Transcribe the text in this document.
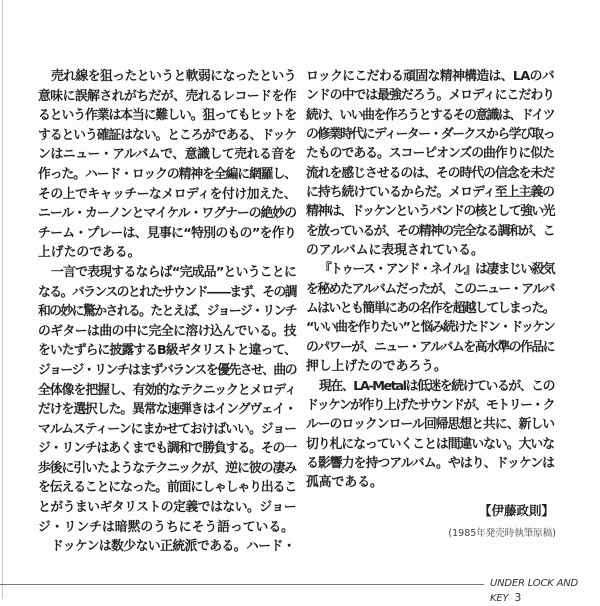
売れ線を狙ったというと軟弱になったという
意味に誤解されがちだが、売れるレコードを作
るという作業は本当に難しい。狙ってもヒットを
するという確証はない。ところがである、ドッケ
ンはニュー・アルバムで、意識して売れる音を
作った。ハード・ロックの精神を全編に網羅し、
その上でキャッチーなメロディを付け加えた、
ニール・カーノンとマイケル・ワグナーの絶妙の
チーム・プレーは、見事に“特別のもの”を作り
上げたのである。
一言で表現するならば“完成品”ということに
なる。バランスのとれたサウンド――まず、その調
和の妙に驚かされる。たとえば、ジョージ・リンチ
のギターは曲の中に完全に溶け込んでいる。技
をいたずらに披露するB級ギタリストと違って、
ジョージ・リンチはまずバランスを優先させ、曲の
全体像を把握し、有効的なテクニックとメロディ
だけを選択した。異常な速弾きはイングヴェイ・
マルムスティーンにまかせておけばいい。ジョー
ジ・リンチはあくまでも調和で勝負する。その一
歩後に引いたようなテクニックが、逆に彼の凄み
を伝えることになった。前面にしゃしゃり出るこ
とがうまいギタリストの定義ではない。ジョー
ジ・リンチは暗黙のうちにそう語っている。
ドッケンは数少ない正統派である。ハード・
ロックにこだわる頑固な精神構造は、LAのバ
ンドの中では最強だろう。メロディにこだわり
続け、いい曲を作ろうとするその意識は、ドイツ
の修業時代にディーター・ダークスから学び取っ
たものである。スコーピオンズの曲作りに似た
流れを感じさせるのは、その時代の信念を未だ
に持ち続けているからだ。メロディ至上主義の
精神は、ドッケンというバンドの核として強い光
を放っているが、その精神の完全なる調和が、こ
のアルバムに表現されている。
『トゥース・アンド・ネイル』は凄まじい殺気
を秘めたアルバムだったが、このニュー・アルバ
ムはいとも簡単にあの名作を超越してしまった。
“いい曲を作りたい”と悩み続けたドン・ドッケン
のパワーが、ニュー・アルバムを高水準の作品に
押し上げたのであろう。
現在、LA-Metalは低迷を続けているが、この
ドッケンが作り上げたサウンドが、モトリー・ク
ルーのロックンロール回帰思想と共に、新しい
切り札になっていくことは間違いない。大いな
る影響力を持つアルバム。やはり、ドッケンは
孤高である。
【伊藤政則】
(1985年発売時執筆原稿)
UNDER LOCK AND KEY 3
